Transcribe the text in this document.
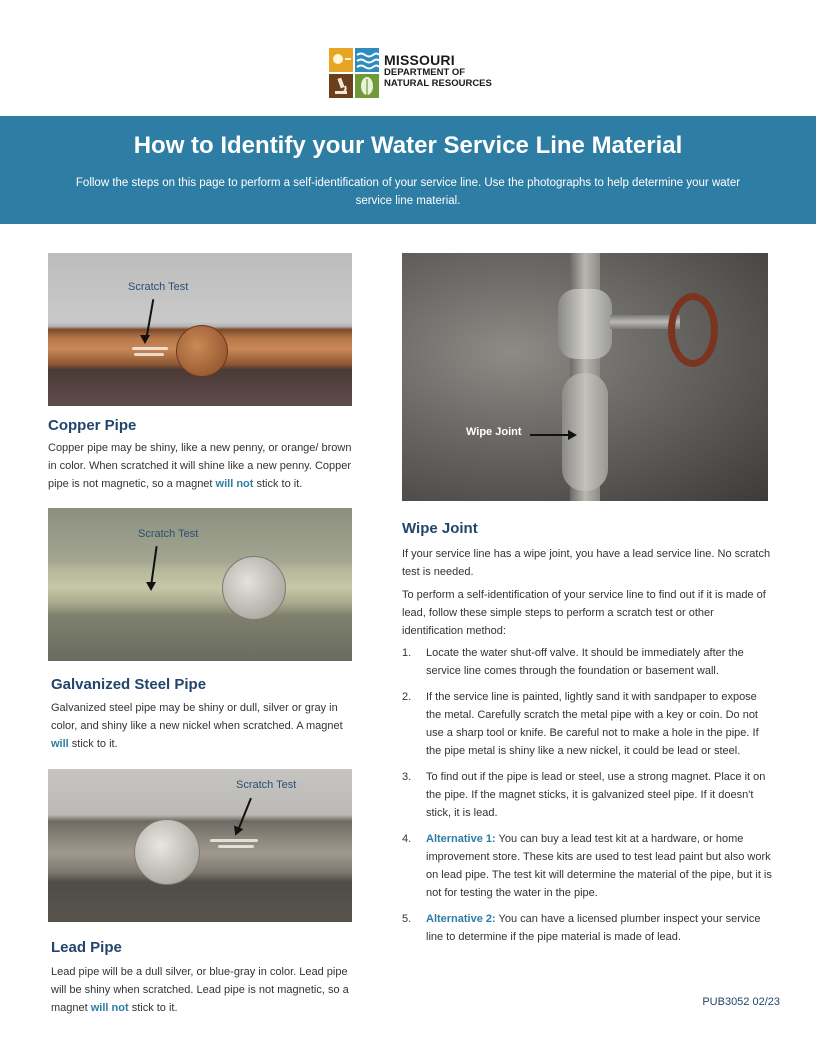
MISSOURI
DEPARTMENT OF
NATURAL RESOURCES
How to Identify your Water Service Line Material

Follow the steps on this page to perform a self-identification of your service line. Use the photographs to help determine your water service line material.

Scratch Test
Copper Pipe

Copper pipe may be shiny, like a new penny, or orange/ brown in color. When scratched it will shine like a new penny. Copper pipe is not magnetic, so a magnet will not stick to it.

Scratch Test
Galvanized Steel Pipe

Galvanized steel pipe may be shiny or dull, silver or gray in color, and shiny like a new nickel when scratched. A magnet will stick to it.

Scratch Test
Lead Pipe

Lead pipe will be a dull silver, or blue-gray in color. Lead pipe will be shiny when scratched. Lead pipe is not magnetic, so a magnet will not stick to it.

Wipe Joint
Wipe Joint

If your service line has a wipe joint, you have a lead service line. No scratch test is needed.

To perform a self-identification of your service line to find out if it is made of lead, follow these simple steps to perform a scratch test or other identification method:

1. Locate the water shut-off valve. It should be immediately after the service line comes through the foundation or basement wall.
2. If the service line is painted, lightly sand it with sandpaper to expose the metal. Carefully scratch the metal pipe with a key or coin. Do not use a sharp tool or knife. Be careful not to make a hole in the pipe. If the pipe metal is shiny like a new nickel, it could be lead or steel.
3. To find out if the pipe is lead or steel, use a strong magnet. Place it on the pipe. If the magnet sticks, it is galvanized steel pipe. If it doesn't stick, it is lead.
4. Alternative 1: You can buy a lead test kit at a hardware, or home improvement store. These kits are used to test lead paint but also work on lead pipe. The test kit will determine the material of the pipe, but it is not for testing the water in the pipe.
5. Alternative 2: You can have a licensed plumber inspect your service line to determine if the pipe material is made of lead.
PUB3052 02/23
